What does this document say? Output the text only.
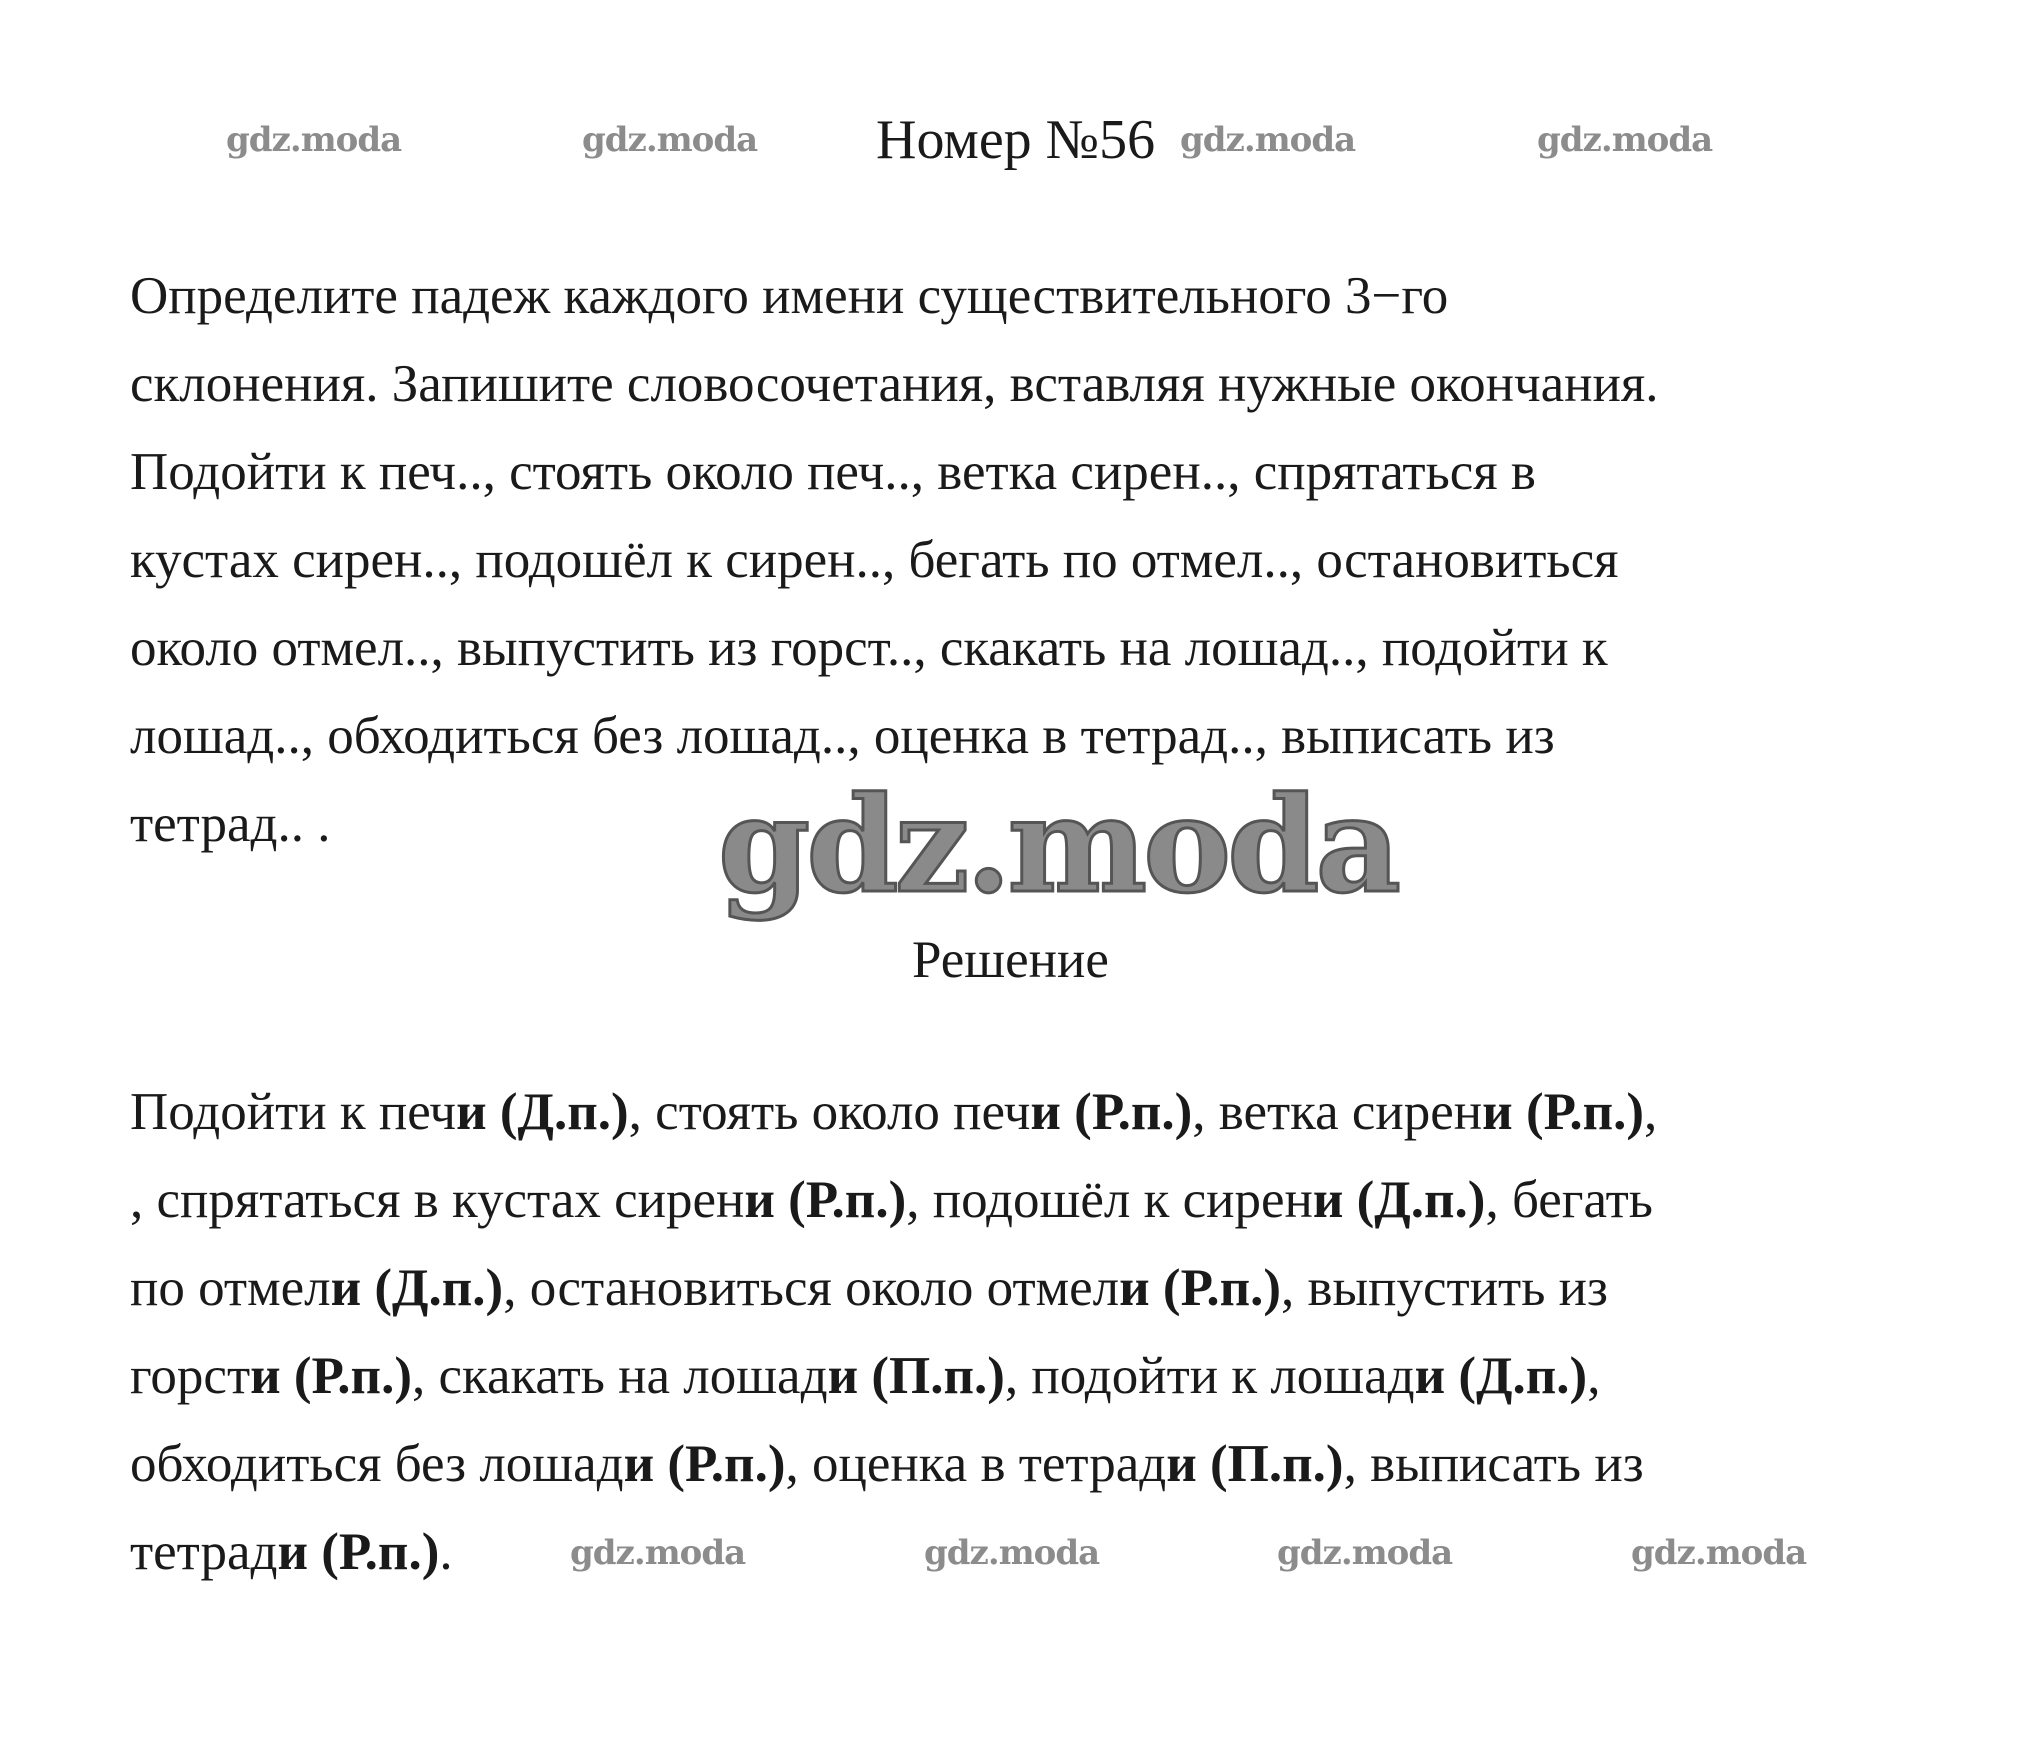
gdz.moda	gdz.moda	gdz.moda	gdz.moda
Номер №56
Определите падеж каждого имени существительного 3−го
склонения. Запишите словосочетания, вставляя нужные окончания.
Подойти к печ.., стоять около печ.., ветка сирен.., спрятаться в
кустах сирен.., подошёл к сирен.., бегать по отмел.., остановиться
около отмел.., выпустить из горст.., скакать на лошад.., подойти к
лошад.., обходиться без лошад.., оценка в тетрад.., выписать из
тетрад.. .	gdz.moda
Решение
Подойти к печи (Д.п.), стоять около печи (Р.п.), ветка сирени (Р.п.),
, спрятаться в кустах сирени (Р.п.), подошёл к сирени (Д.п.), бегать
по отмели (Д.п.), остановиться около отмели (Р.п.), выпустить из
горсти (Р.п.), скакать на лошади (П.п.), подойти к лошади (Д.п.),
обходиться без лошади (Р.п.), оценка в тетради (П.п.), выписать из
тетради (Р.п.).	gdz.moda	gdz.moda	gdz.moda	gdz.moda
